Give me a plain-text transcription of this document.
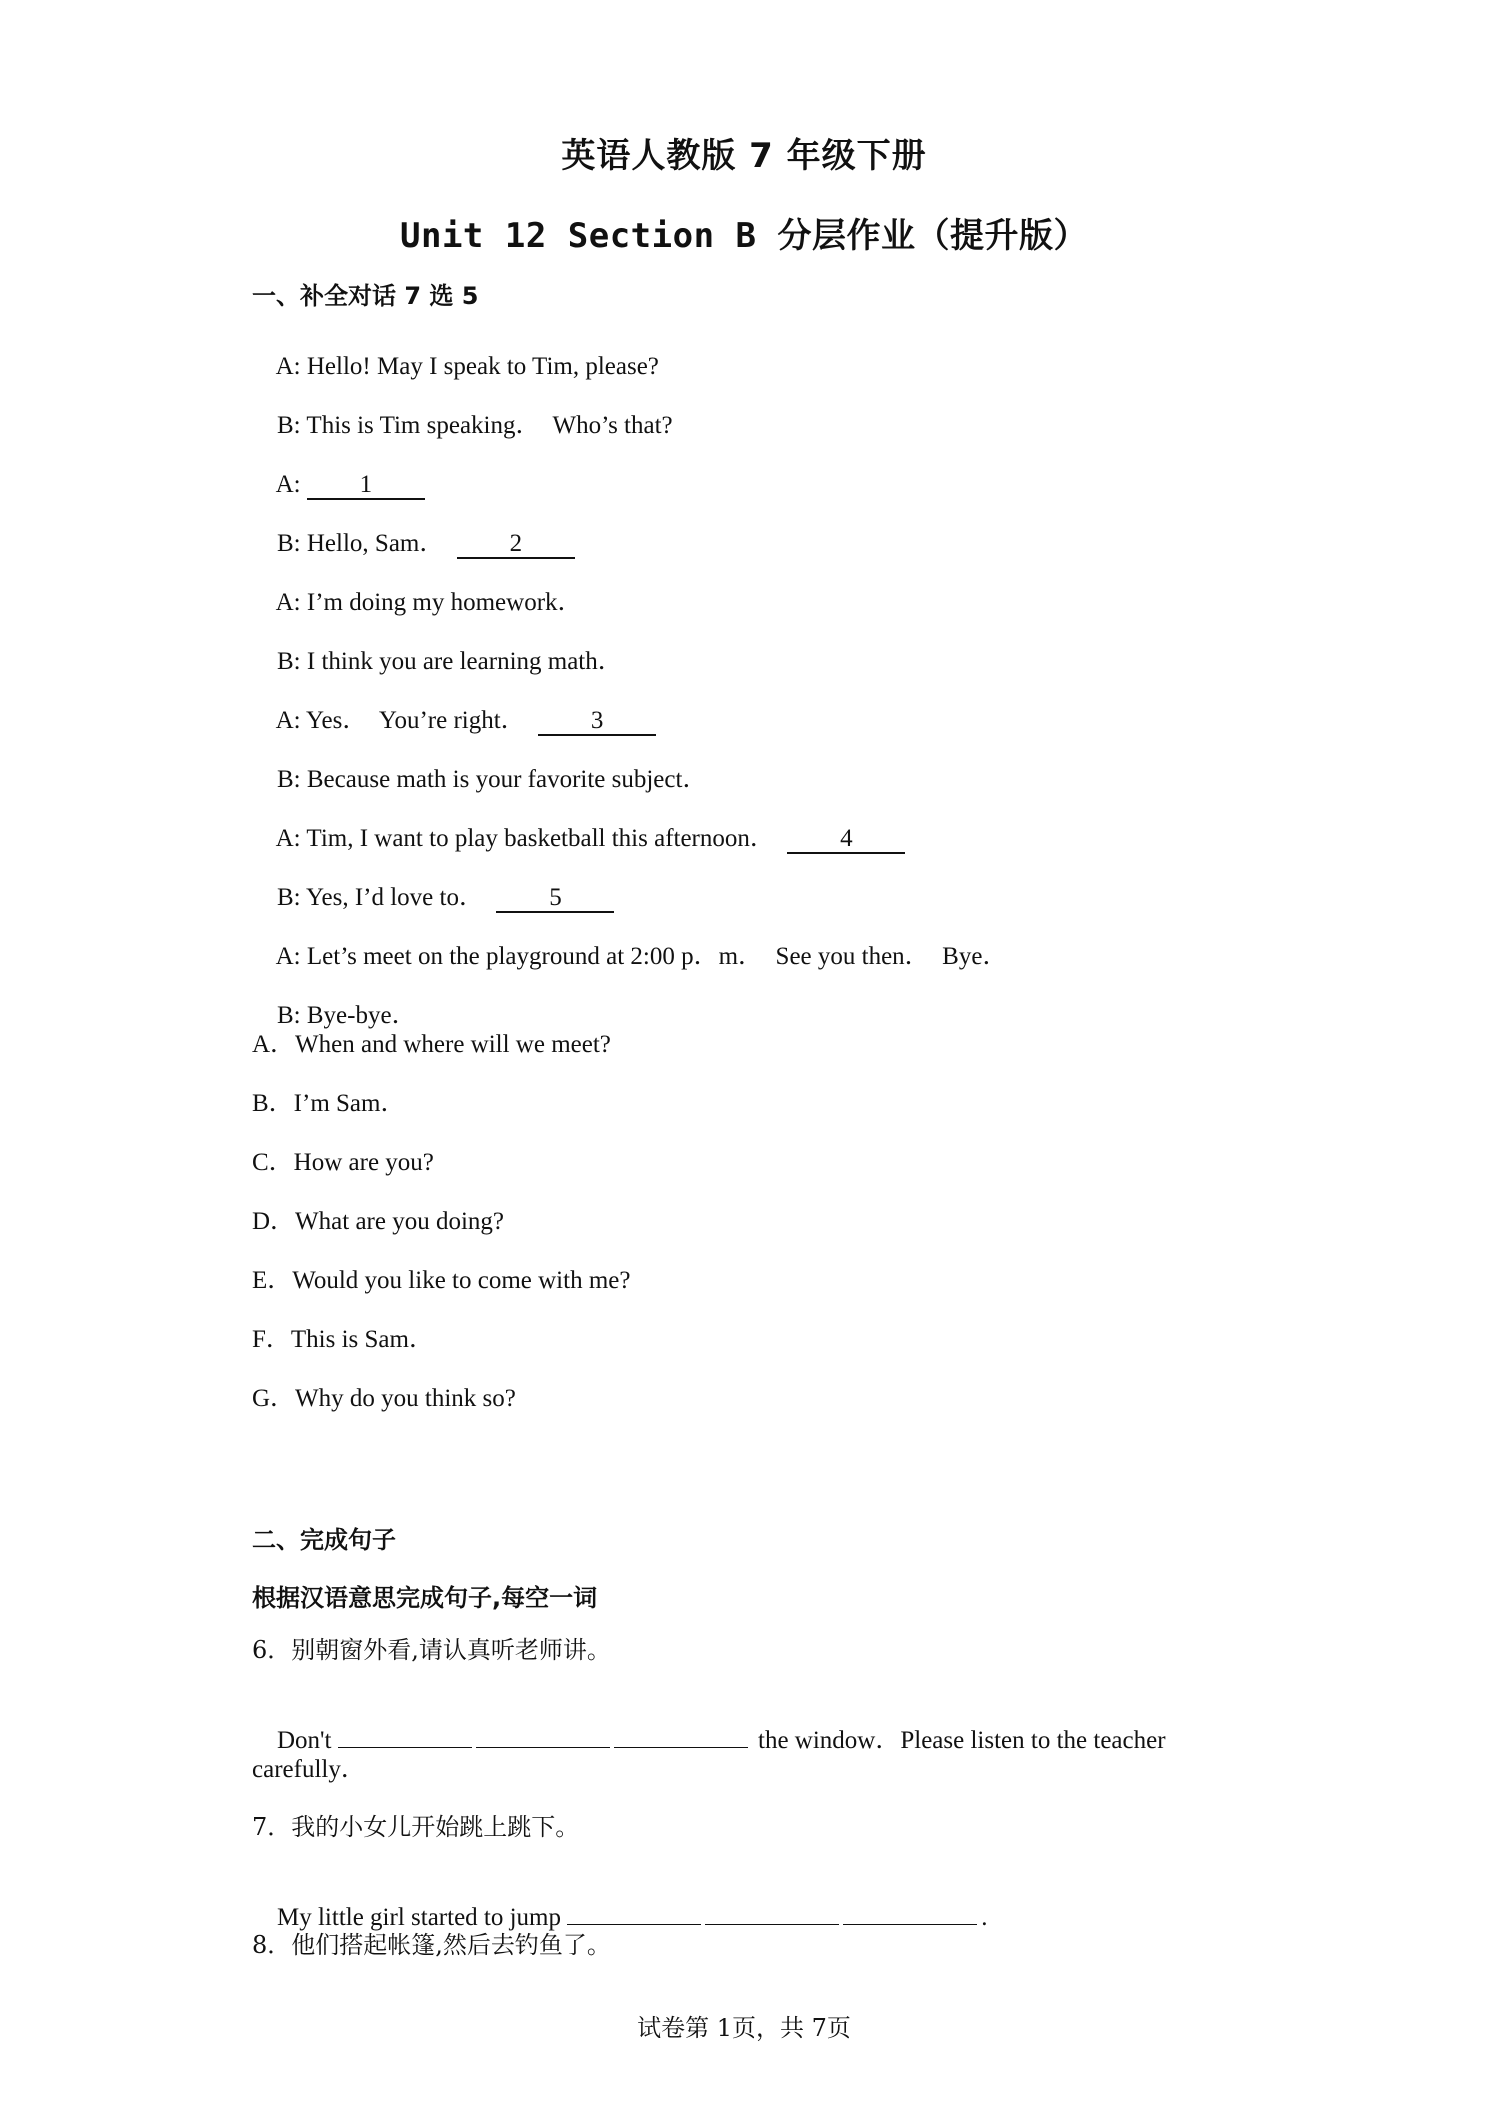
英语人教版 7 年级下册
Unit 12 Section B 分层作业（提升版）
一、补全对话 7 选 5

A: Hello! May I speak to Tim, please?

B: This is Tim speaking．  Who’s that?

A: 1

B: Hello, Sam．  2

A: I’m doing my homework．

B: I think you are learning math．

A: Yes．  You’re right．  3

B: Because math is your favorite subject．

A: Tim, I want to play basketball this afternoon．  4

B: Yes, I’d love to．  5

A: Let’s meet on the playground at 2:00 p．m．  See you then．  Bye．

B: Bye-bye．

A．When and where will we meet?
B．I’m Sam．
C．How are you?
D．What are you doing?
E．Would you like to come with me?
F．This is Sam．
G．Why do you think so?
二、完成句子
根据汉语意思完成句子,每空一词
6．别朝窗外看,请认真听老师讲。

Don't	the window．Please listen to the teacher

carefully．
7．我的小女儿开始跳上跳下。

My little girl started to jump	.

8．他们搭起帐篷,然后去钓鱼了。
试卷第 1页，共 7页
